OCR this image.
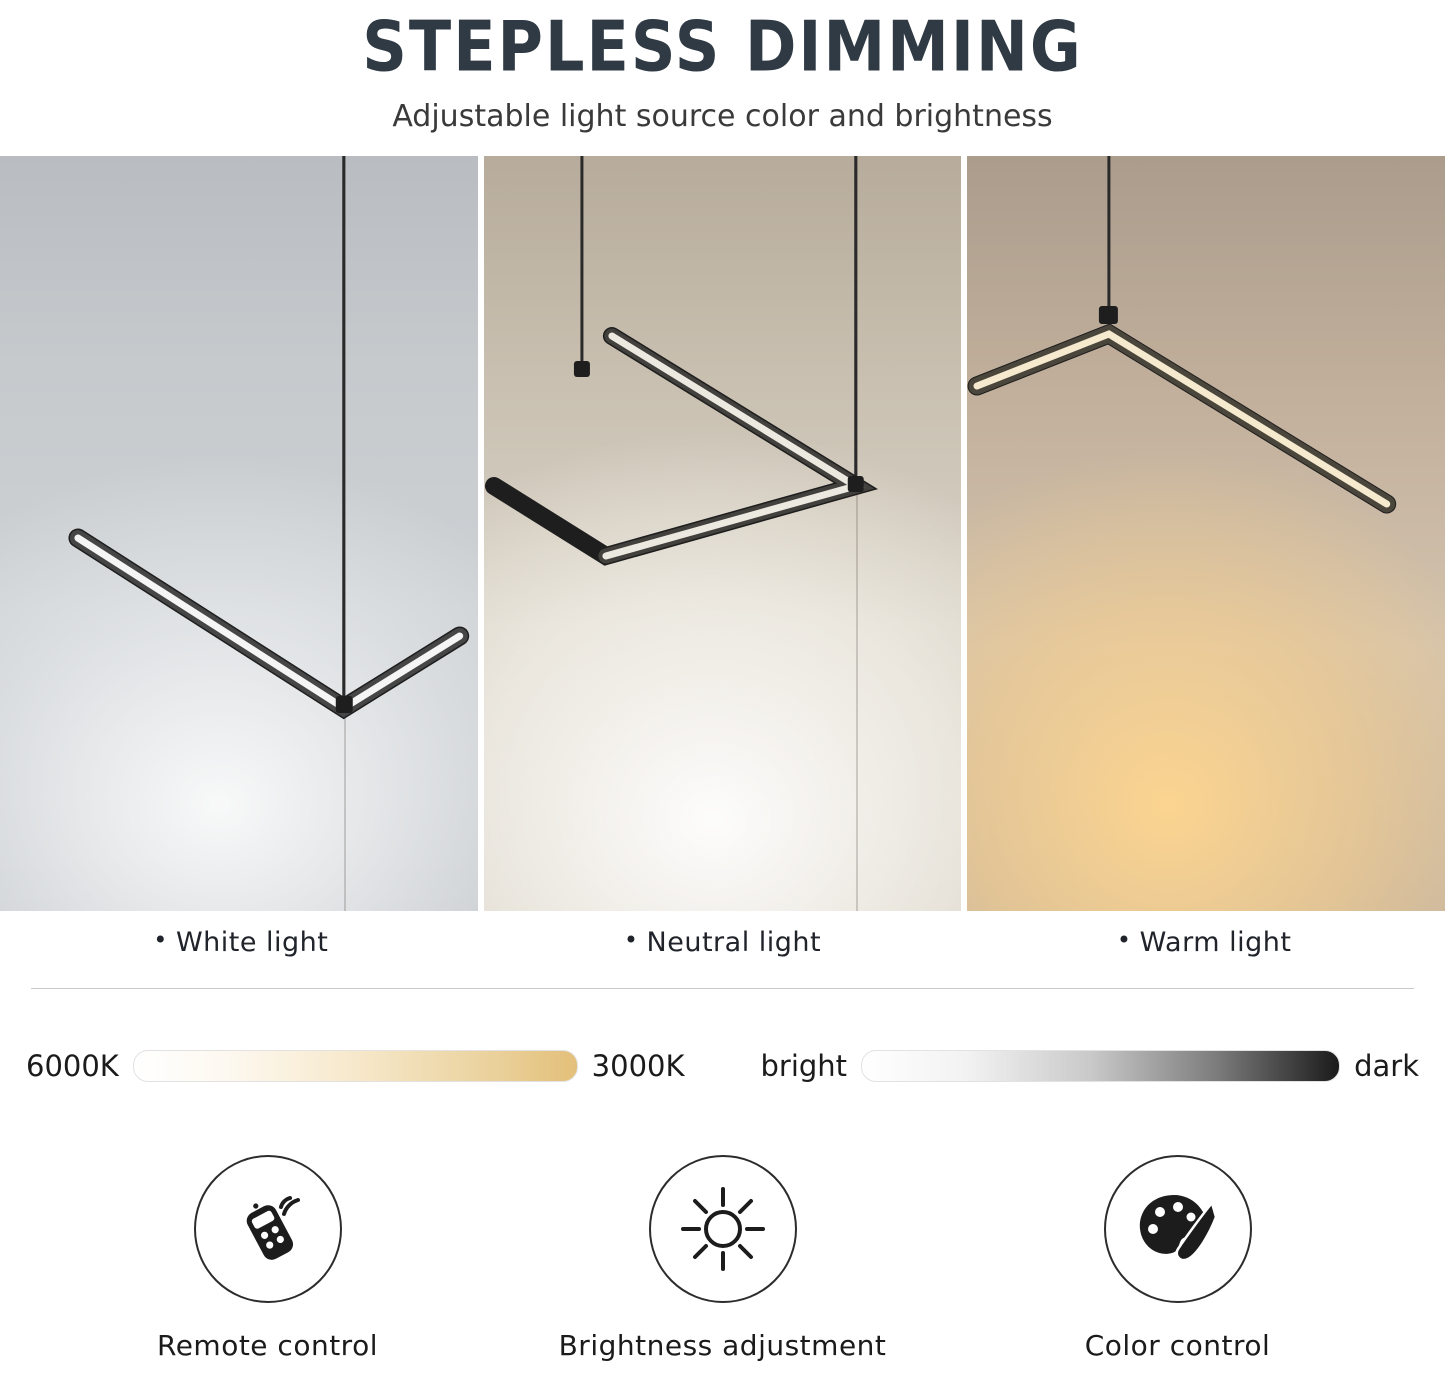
STEPLESS DIMMING

Adjustable light source color and brightness

• White light	• Neutral light	• Warm light
6000K	3000K	bright	dark
Remote control	Brightness adjustment	Color control
